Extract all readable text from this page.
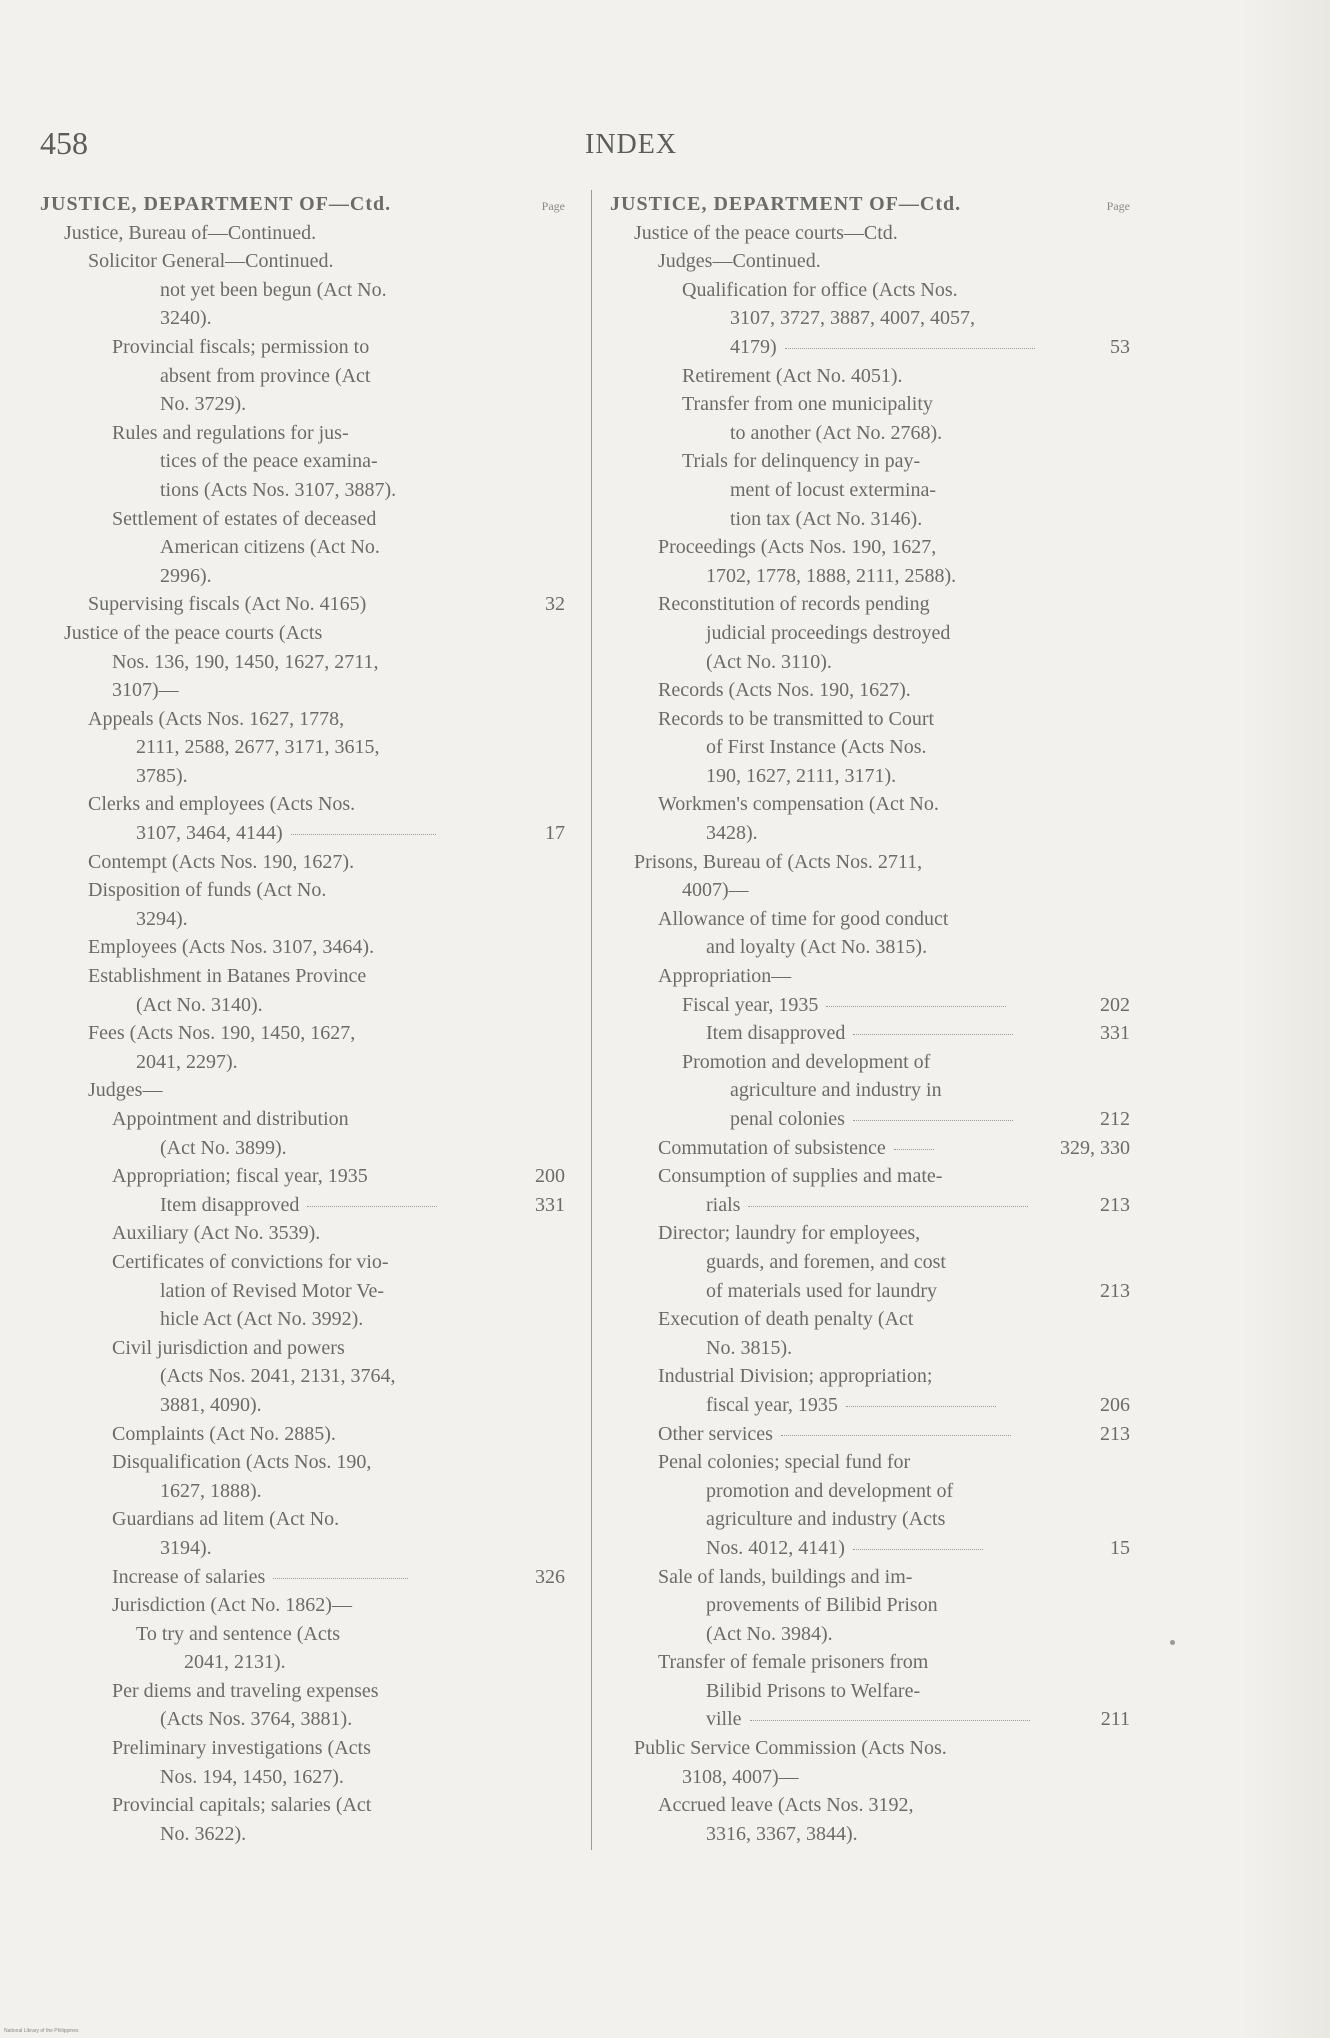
458	INDEX
JUSTICE, DEPARTMENT OF—Ctd.	Page
Justice, Bureau of—Continued.
Solicitor General—Continued.
not yet been begun (Act No.
3240).
Provincial fiscals; permission to
absent from province (Act
No. 3729).
Rules and regulations for jus-
tices of the peace examina-
tions (Acts Nos. 3107, 3887).
Settlement of estates of deceased
American citizens (Act No.
2996).
Supervising fiscals (Act No. 4165)	32
Justice of the peace courts (Acts
Nos. 136, 190, 1450, 1627, 2711,
3107)—
Appeals (Acts Nos. 1627, 1778,
2111, 2588, 2677, 3171, 3615,
3785).
Clerks and employees (Acts Nos.
3107, 3464, 4144)	17
Contempt (Acts Nos. 190, 1627).
Disposition of funds (Act No.
3294).
Employees (Acts Nos. 3107, 3464).
Establishment in Batanes Province
(Act No. 3140).
Fees (Acts Nos. 190, 1450, 1627,
2041, 2297).
Judges—
Appointment and distribution
(Act No. 3899).
Appropriation; fiscal year, 1935	200
Item disapproved	331
Auxiliary (Act No. 3539).
Certificates of convictions for vio-
lation of Revised Motor Ve-
hicle Act (Act No. 3992).
Civil jurisdiction and powers
(Acts Nos. 2041, 2131, 3764,
3881, 4090).
Complaints (Act No. 2885).
Disqualification (Acts Nos. 190,
1627, 1888).
Guardians ad litem (Act No.
3194).
Increase of salaries	326
Jurisdiction (Act No. 1862)—
To try and sentence (Acts
2041, 2131).
Per diems and traveling expenses
(Acts Nos. 3764, 3881).
Preliminary investigations (Acts
Nos. 194, 1450, 1627).
Provincial capitals; salaries (Act
No. 3622).
JUSTICE, DEPARTMENT OF—Ctd.	Page
Justice of the peace courts—Ctd.
Judges—Continued.
Qualification for office (Acts Nos.
3107, 3727, 3887, 4007, 4057,
4179)	53
Retirement (Act No. 4051).
Transfer from one municipality
to another (Act No. 2768).
Trials for delinquency in pay-
ment of locust extermina-
tion tax (Act No. 3146).
Proceedings (Acts Nos. 190, 1627,
1702, 1778, 1888, 2111, 2588).
Reconstitution of records pending
judicial proceedings destroyed
(Act No. 3110).
Records (Acts Nos. 190, 1627).
Records to be transmitted to Court
of First Instance (Acts Nos.
190, 1627, 2111, 3171).
Workmen's compensation (Act No.
3428).
Prisons, Bureau of (Acts Nos. 2711,
4007)—
Allowance of time for good conduct
and loyalty (Act No. 3815).
Appropriation—
Fiscal year, 1935	202
Item disapproved	331
Promotion and development of
agriculture and industry in
penal colonies	212
Commutation of subsistence	329, 330
Consumption of supplies and mate-
rials	213
Director; laundry for employees,
guards, and foremen, and cost
of materials used for laundry	213
Execution of death penalty (Act
No. 3815).
Industrial Division; appropriation;
fiscal year, 1935	206
Other services	213
Penal colonies; special fund for
promotion and development of
agriculture and industry (Acts
Nos. 4012, 4141)	15
Sale of lands, buildings and im-
provements of Bilibid Prison
(Act No. 3984).
Transfer of female prisoners from
Bilibid Prisons to Welfare-
ville	211
Public Service Commission (Acts Nos.
3108, 4007)—
Accrued leave (Acts Nos. 3192,
3316, 3367, 3844).
National Library of the Philippines
